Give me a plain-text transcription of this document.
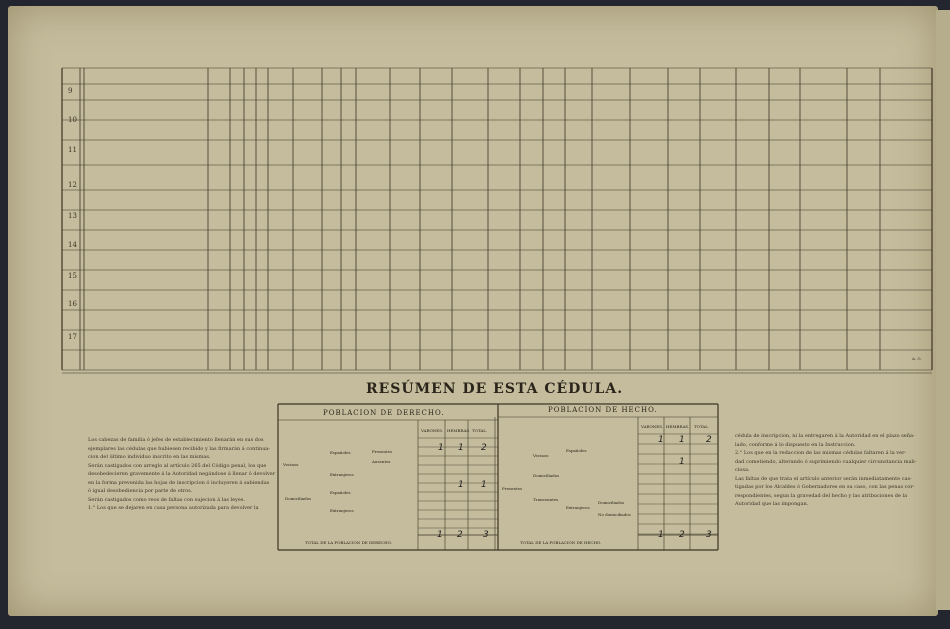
9
10
11
12
13
14
15
16
17
RESÚMEN DE ESTA CÉDULA.

Los cabezas de familia ó jefes de establecimiento llenarán en sus dos

ejemplares las cédulas que hubiesen recibido y las firmarán á continua-

cion del último individuo inscrito en las mismas.

Serán castigados con arreglo al artículo 265 del Código penal, los que

desobedecieren gravemente á la Autoridad negándose á llenar ó devolver

en la forma prevenida las hojas de inscripcion ó incluyeren á sabiendas

ó igual desobediencia por parte de otros.

Serán castigados como reos de faltas con sujecion á las leyes.

1.° Los que se dejaren en casa persona autorizada para devolver la

cédula de inscripcion, ni la entregaren á la Autoridad en el plazo seña-

lado, conforme á lo dispuesto en la Instruccion.

2.° Los que en la redaccion de las mismas cédulas faltaren á la ver-

dad cometiendo, alterando ó suprimiendo cualquier circunstancia mali-

ciosa.

Las faltas de que trata el artículo anterior serán inmediatamente cas-

tigadas por los Alcaldes ó Gobernadores en su caso, con las penas cor-

respondientes, segun la gravedad del hecho y las atribuciones de la

Autoridad que las impongan.

POBLACION DE DERECHO.	POBLACION DE HECHO.
VARONES. HEMBRAS. TOTAL.
VARONES. HEMBRAS. TOTAL.
Vecinos
Domiciliados
Españoles
Extranjeros
Españoles
Extranjeros
Presentes
Ausentes
Presentes
Vecinos
Domiciliados
Transeuntes
Españoles
Extranjeros
Domiciliados
No domiciliados
TOTAL DE LA POBLACION DE DERECHO.	TOTAL DE LA POBLACION DE HECHO.
1 1 2
1 1
1 2 3
1 1 2
1
1 2 3
A. G.
